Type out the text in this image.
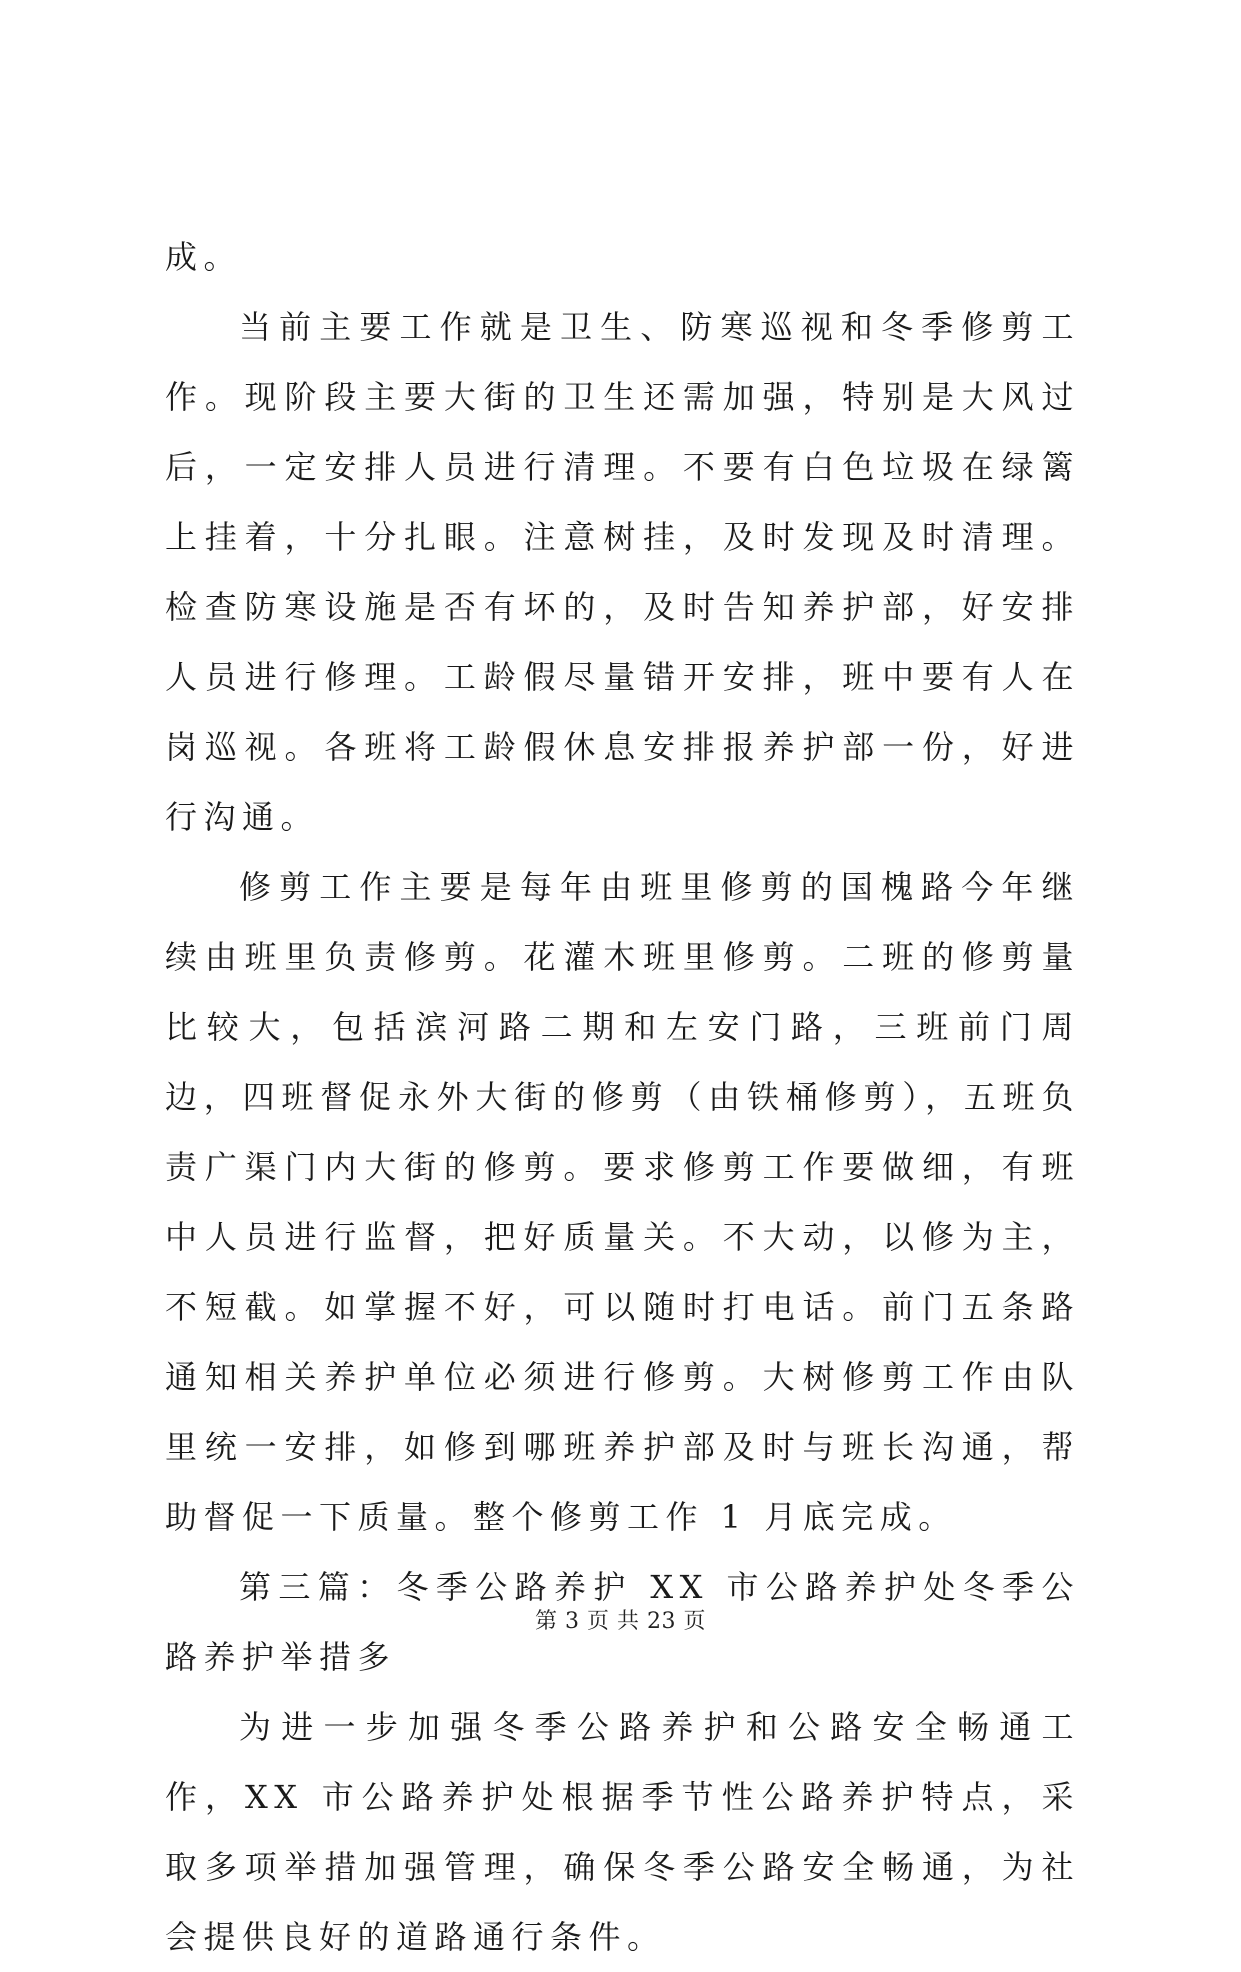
成。

当前主要工作就是卫生、防寒巡视和冬季修剪工作。现阶段主要大街的卫生还需加强，特别是大风过后，一定安排人员进行清理。不要有白色垃圾在绿篱上挂着，十分扎眼。注意树挂，及时发现及时清理。检查防寒设施是否有坏的，及时告知养护部，好安排人员进行修理。工龄假尽量错开安排，班中要有人在岗巡视。各班将工龄假休息安排报养护部一份，好进行沟通。

修剪工作主要是每年由班里修剪的国槐路今年继续由班里负责修剪。花灌木班里修剪。二班的修剪量比较大，包括滨河路二期和左安门路，三班前门周边，四班督促永外大街的修剪（由铁桶修剪），五班负责广渠门内大街的修剪。要求修剪工作要做细，有班中人员进行监督，把好质量关。不大动，以修为主，不短截。如掌握不好，可以随时打电话。前门五条路通知相关养护单位必须进行修剪。大树修剪工作由队里统一安排，如修到哪班养护部及时与班长沟通，帮助督促一下质量。整个修剪工作 1 月底完成。

第三篇：冬季公路养护 XX 市公路养护处冬季公路养护举措多

为进一步加强冬季公路养护和公路安全畅通工作，XX 市公路养护处根据季节性公路养护特点，采取多项举措加强管理，确保冬季公路安全畅通，为社会提供良好的道路通行条件。

第 3 页 共 23 页
